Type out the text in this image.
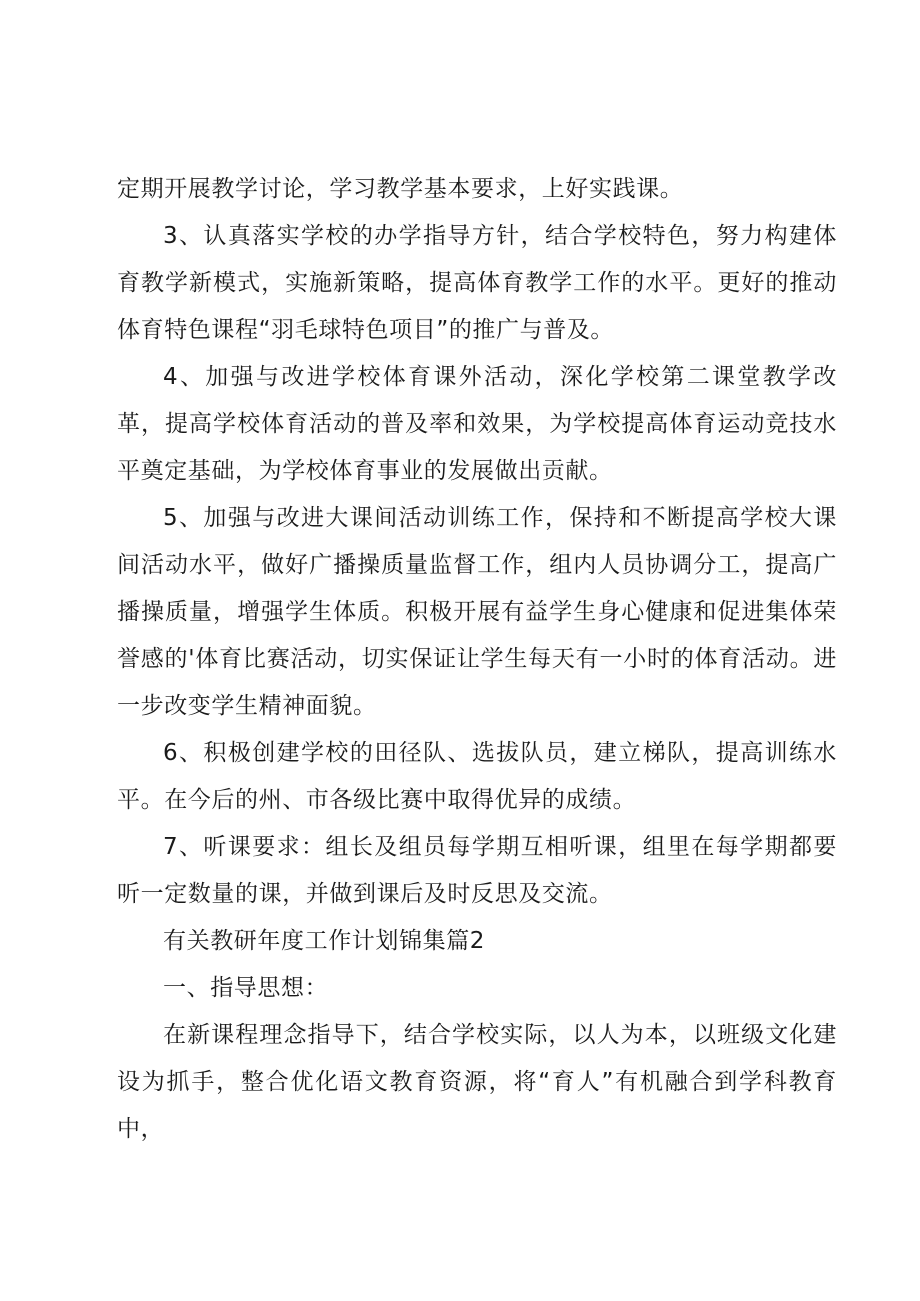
定期开展教学讨论，学习教学基本要求，上好实践课。

3、认真落实学校的办学指导方针，结合学校特色，努力构建体育教学新模式，实施新策略，提高体育教学工作的水平。更好的推动体育特色课程“羽毛球特色项目”的推广与普及。

4、加强与改进学校体育课外活动，深化学校第二课堂教学改革，提高学校体育活动的普及率和效果，为学校提高体育运动竞技水平奠定基础，为学校体育事业的发展做出贡献。

5、加强与改进大课间活动训练工作，保持和不断提高学校大课间活动水平，做好广播操质量监督工作，组内人员协调分工，提高广播操质量，增强学生体质。积极开展有益学生身心健康和促进集体荣誉感的'体育比赛活动，切实保证让学生每天有一小时的体育活动。进一步改变学生精神面貌。

6、积极创建学校的田径队、选拔队员，建立梯队，提高训练水平。在今后的州、市各级比赛中取得优异的成绩。

7、听课要求：组长及组员每学期互相听课，组里在每学期都要听一定数量的课，并做到课后及时反思及交流。

有关教研年度工作计划锦集篇2

一、指导思想：

在新课程理念指导下，结合学校实际，以人为本，以班级文化建设为抓手，整合优化语文教育资源，将“育人”有机融合到学科教育中，
